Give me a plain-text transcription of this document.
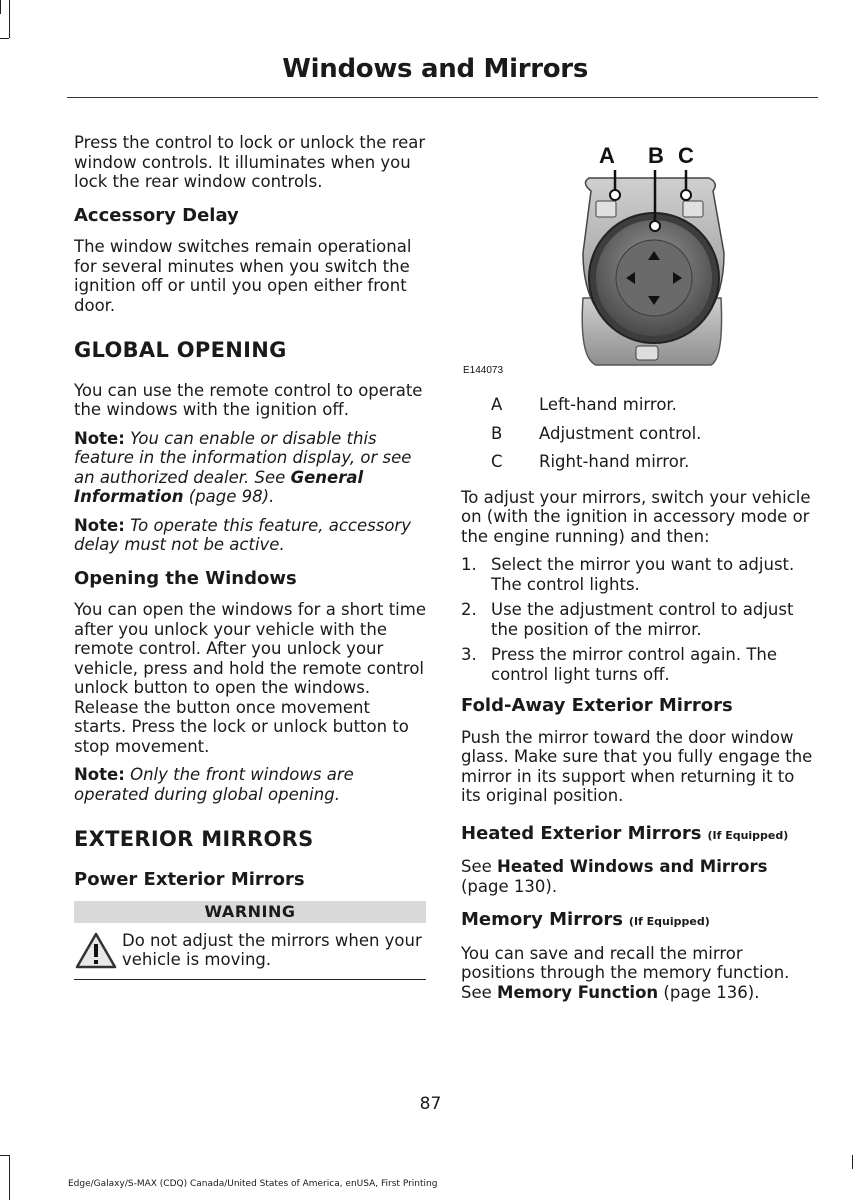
Windows and Mirrors

Press the control to lock or unlock the rear window controls. It illuminates when you lock the rear window controls.

Accessory Delay

The window switches remain operational for several minutes when you switch the ignition off or until you open either front door.

GLOBAL OPENING

You can use the remote control to operate the windows with the ignition off.

Note: You can enable or disable this feature in the information display, or see an authorized dealer. See General Information (page 98).

Note: To operate this feature, accessory delay must not be active.

Opening the Windows

You can open the windows for a short time after you unlock your vehicle with the remote control. After you unlock your vehicle, press and hold the remote control unlock button to open the windows. Release the button once movement starts. Press the lock or unlock button to stop movement.

Note: Only the front windows are operated during global opening.

EXTERIOR MIRRORS
Power Exterior Mirrors
WARNING
Do not adjust the mirrors when your vehicle is moving.
A B C
E144073
A	Left-hand mirror.
B	Adjustment control.
C	Right-hand mirror.

To adjust your mirrors, switch your vehicle on (with the ignition in accessory mode or the engine running) and then:

1. Select the mirror you want to adjust. The control lights.
2. Use the adjustment control to adjust the position of the mirror.
3. Press the mirror control again. The control light turns off.
Fold-Away Exterior Mirrors

Push the mirror toward the door window glass. Make sure that you fully engage the mirror in its support when returning it to its original position.

Heated Exterior Mirrors (If Equipped)

See Heated Windows and Mirrors (page 130).

Memory Mirrors (If Equipped)

You can save and recall the mirror positions through the memory function. See Memory Function (page 136).

87
Edge/Galaxy/S-MAX (CDQ) Canada/United States of America, enUSA, First Printing
